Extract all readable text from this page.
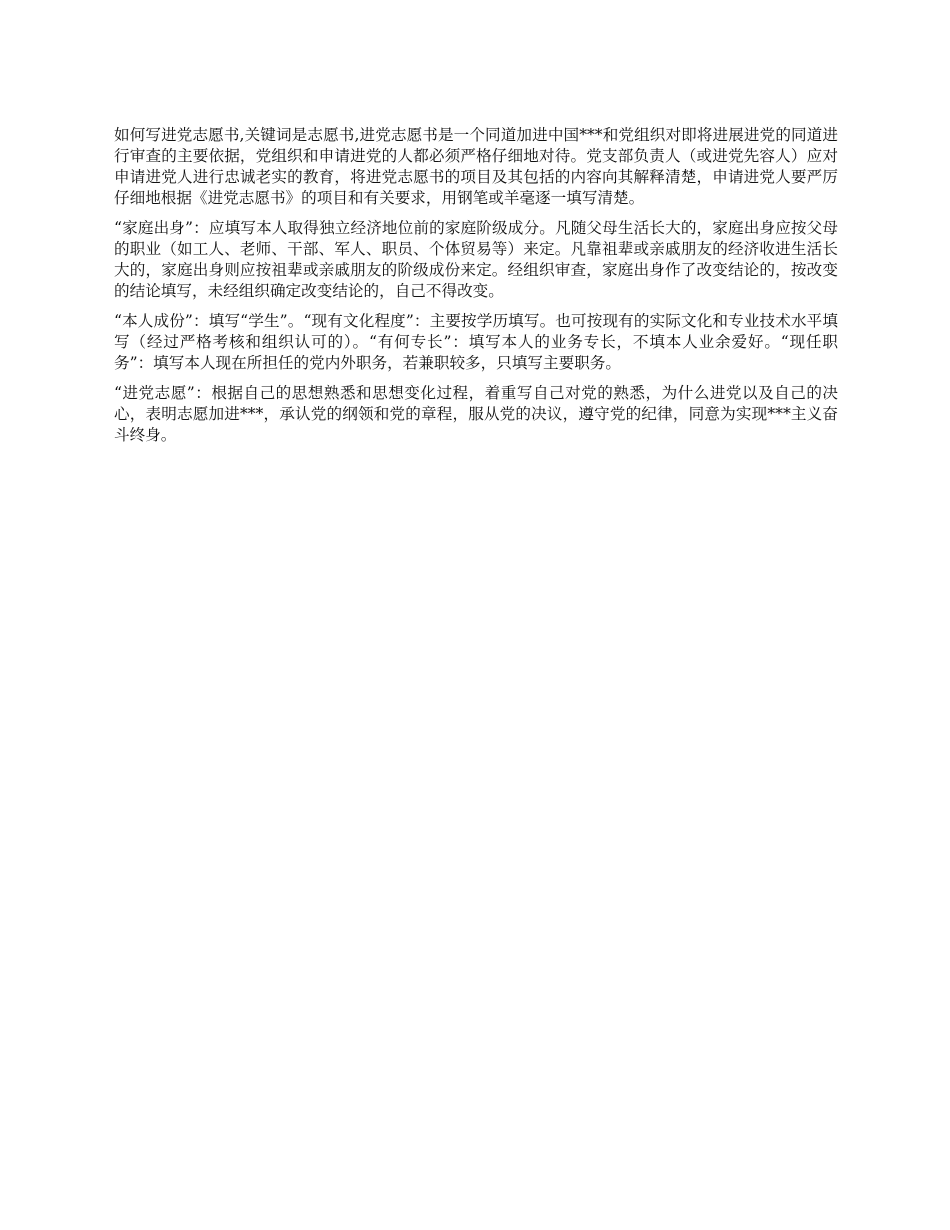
如何写进党志愿书,关键词是志愿书,进党志愿书是一个同道加进中国***和党组织对即将进展进党的同道进行审查的主要依据，党组织和申请进党的人都必须严格仔细地对待。党支部负责人（或进党先容人）应对申请进党人进行忠诚老实的教育，将进党志愿书的项目及其包括的内容向其解释清楚，申请进党人要严厉仔细地根据《进党志愿书》的项目和有关要求，用钢笔或羊毫逐一填写清楚。

“家庭出身”：应填写本人取得独立经济地位前的家庭阶级成分。凡随父母生活长大的，家庭出身应按父母的职业（如工人、老师、干部、军人、职员、个体贸易等）来定。凡靠祖辈或亲戚朋友的经济收进生活长大的，家庭出身则应按祖辈或亲戚朋友的阶级成份来定。经组织审查，家庭出身作了改变结论的，按改变的结论填写，未经组织确定改变结论的，自己不得改变。

“本人成份”：填写“学生”。“现有文化程度”：主要按学历填写。也可按现有的实际文化和专业技术水平填写（经过严格考核和组织认可的）。“有何专长”：填写本人的业务专长，不填本人业余爱好。“现任职务”：填写本人现在所担任的党内外职务，若兼职较多，只填写主要职务。

“进党志愿”：根据自己的思想熟悉和思想变化过程，着重写自己对党的熟悉，为什么进党以及自己的决心，表明志愿加进***，承认党的纲领和党的章程，服从党的决议，遵守党的纪律，同意为实现***主义奋斗终身。
